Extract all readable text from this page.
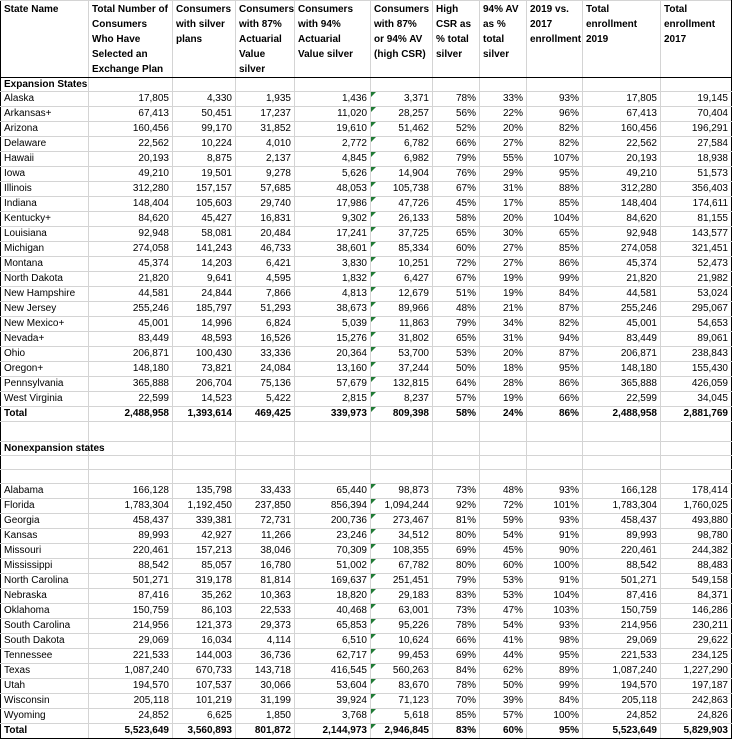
State Name	Total Number of Consumers Who Have Selected an Exchange Plan	Consumers with silver plans	Consumers with 87% Actuarial Value silver	Consumers with 94% Actuarial Value silver	Consumers with 87% or 94% AV (high CSR)	High CSR as % total silver	94% AV as % total silver	2019 vs. 2017 enrollment	Total enrollment 2019	Total enrollment 2017
Expansion States										
Alaska	17,805	4,330	1,935	1,436	3,371	78%	33%	93%	17,805	19,145
Arkansas+	67,413	50,451	17,237	11,020	28,257	56%	22%	96%	67,413	70,404
Arizona	160,456	99,170	31,852	19,610	51,462	52%	20%	82%	160,456	196,291
Delaware	22,562	10,224	4,010	2,772	6,782	66%	27%	82%	22,562	27,584
Hawaii	20,193	8,875	2,137	4,845	6,982	79%	55%	107%	20,193	18,938
Iowa	49,210	19,501	9,278	5,626	14,904	76%	29%	95%	49,210	51,573
Illinois	312,280	157,157	57,685	48,053	105,738	67%	31%	88%	312,280	356,403
Indiana	148,404	105,603	29,740	17,986	47,726	45%	17%	85%	148,404	174,611
Kentucky+	84,620	45,427	16,831	9,302	26,133	58%	20%	104%	84,620	81,155
Louisiana	92,948	58,081	20,484	17,241	37,725	65%	30%	65%	92,948	143,577
Michigan	274,058	141,243	46,733	38,601	85,334	60%	27%	85%	274,058	321,451
Montana	45,374	14,203	6,421	3,830	10,251	72%	27%	86%	45,374	52,473
North Dakota	21,820	9,641	4,595	1,832	6,427	67%	19%	99%	21,820	21,982
New Hampshire	44,581	24,844	7,866	4,813	12,679	51%	19%	84%	44,581	53,024
New Jersey	255,246	185,797	51,293	38,673	89,966	48%	21%	87%	255,246	295,067
New Mexico+	45,001	14,996	6,824	5,039	11,863	79%	34%	82%	45,001	54,653
Nevada+	83,449	48,593	16,526	15,276	31,802	65%	31%	94%	83,449	89,061
Ohio	206,871	100,430	33,336	20,364	53,700	53%	20%	87%	206,871	238,843
Oregon+	148,180	73,821	24,084	13,160	37,244	50%	18%	95%	148,180	155,430
Pennsylvania	365,888	206,704	75,136	57,679	132,815	64%	28%	86%	365,888	426,059
West Virginia	22,599	14,523	5,422	2,815	8,237	57%	19%	66%	22,599	34,045
Total	2,488,958	1,393,614	469,425	339,973	809,398	58%	24%	86%	2,488,958	2,881,769

Nonexpansion states										

Alabama	166,128	135,798	33,433	65,440	98,873	73%	48%	93%	166,128	178,414
Florida	1,783,304	1,192,450	237,850	856,394	1,094,244	92%	72%	101%	1,783,304	1,760,025
Georgia	458,437	339,381	72,731	200,736	273,467	81%	59%	93%	458,437	493,880
Kansas	89,993	42,927	11,266	23,246	34,512	80%	54%	91%	89,993	98,780
Missouri	220,461	157,213	38,046	70,309	108,355	69%	45%	90%	220,461	244,382
Mississippi	88,542	85,057	16,780	51,002	67,782	80%	60%	100%	88,542	88,483
North Carolina	501,271	319,178	81,814	169,637	251,451	79%	53%	91%	501,271	549,158
Nebraska	87,416	35,262	10,363	18,820	29,183	83%	53%	104%	87,416	84,371
Oklahoma	150,759	86,103	22,533	40,468	63,001	73%	47%	103%	150,759	146,286
South Carolina	214,956	121,373	29,373	65,853	95,226	78%	54%	93%	214,956	230,211
South Dakota	29,069	16,034	4,114	6,510	10,624	66%	41%	98%	29,069	29,622
Tennessee	221,533	144,003	36,736	62,717	99,453	69%	44%	95%	221,533	234,125
Texas	1,087,240	670,733	143,718	416,545	560,263	84%	62%	89%	1,087,240	1,227,290
Utah	194,570	107,537	30,066	53,604	83,670	78%	50%	99%	194,570	197,187
Wisconsin	205,118	101,219	31,199	39,924	71,123	70%	39%	84%	205,118	242,863
Wyoming	24,852	6,625	1,850	3,768	5,618	85%	57%	100%	24,852	24,826
Total	5,523,649	3,560,893	801,872	2,144,973	2,946,845	83%	60%	95%	5,523,649	5,829,903
